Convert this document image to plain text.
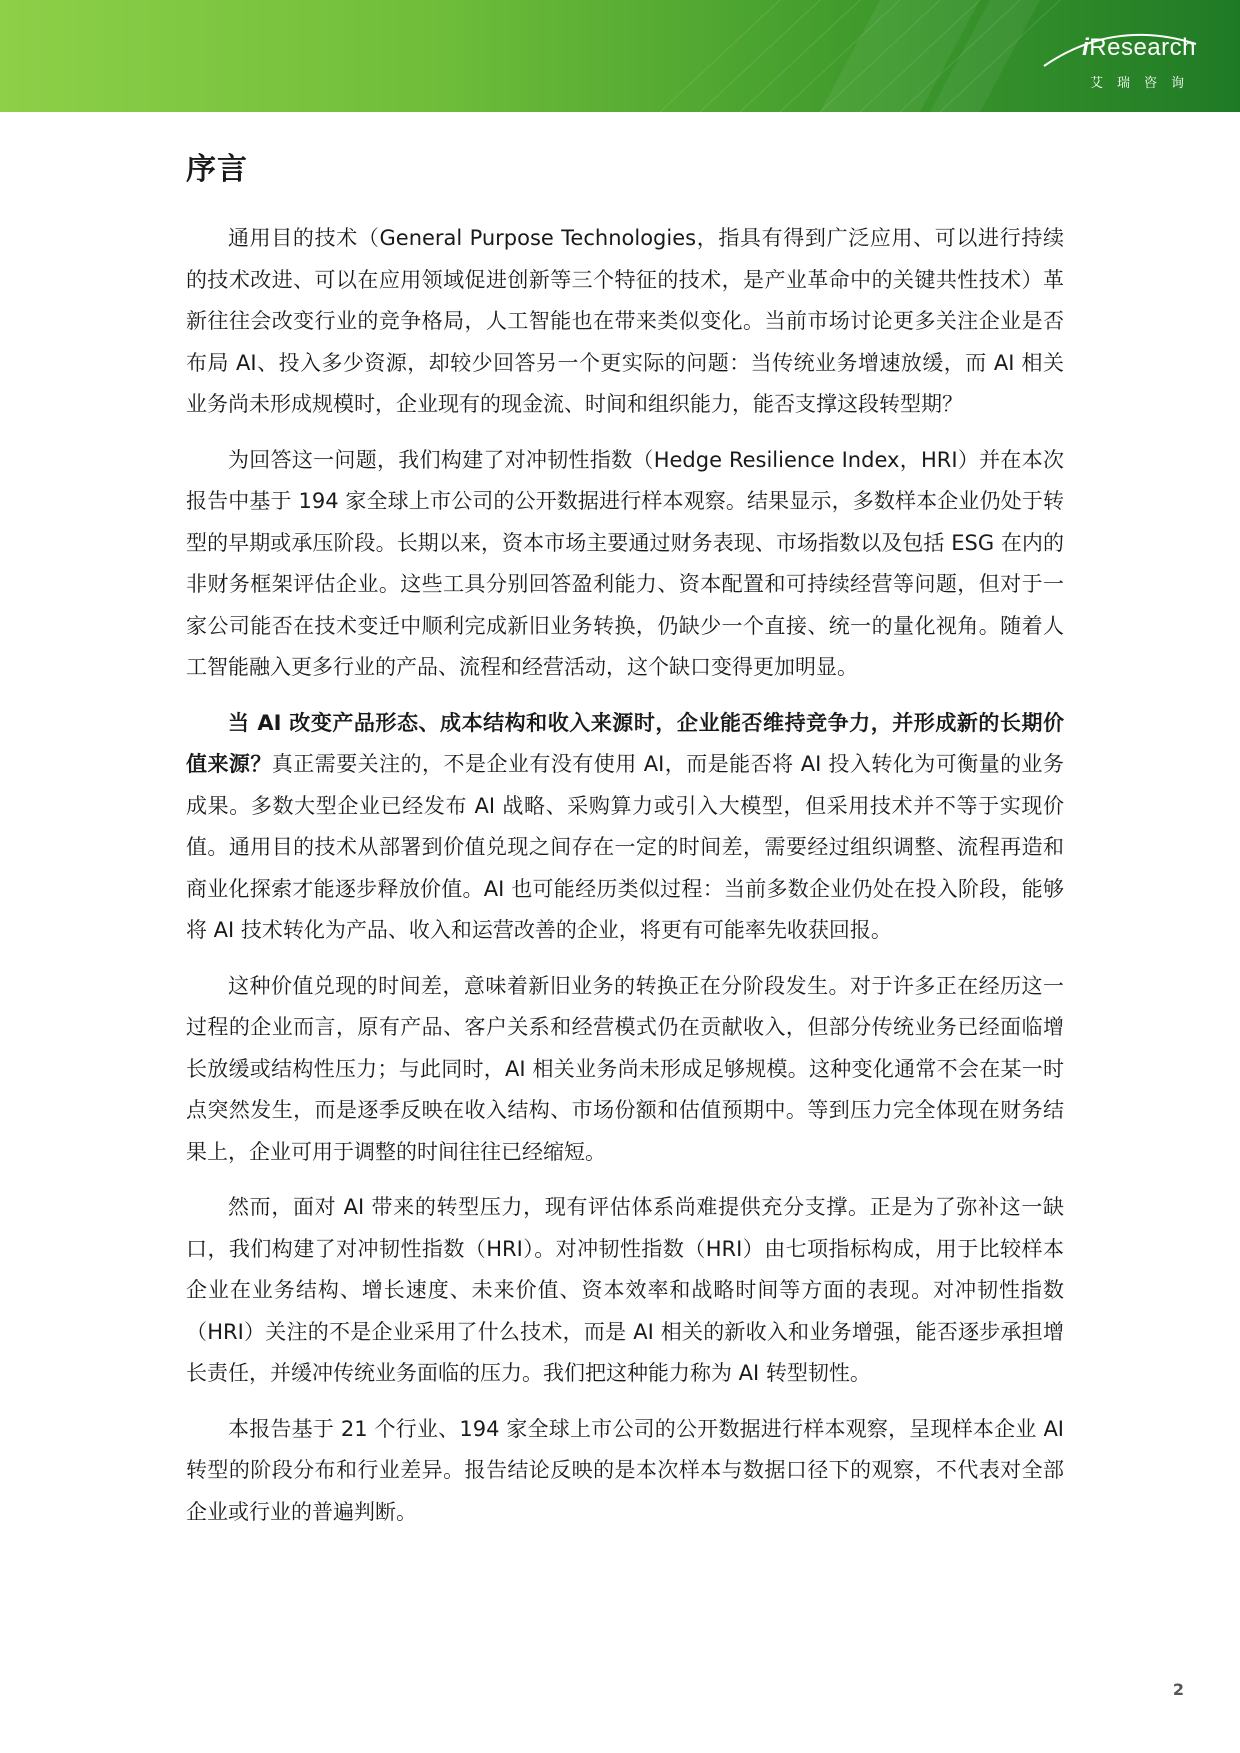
iResearch
艾瑞咨询
序言

通用目的技术（General Purpose Technologies，指具有得到广泛应用、可以进行持续的技术改进、可以在应用领域促进创新等三个特征的技术，是产业革命中的关键共性技术）革新往往会改变行业的竞争格局，人工智能也在带来类似变化。当前市场讨论更多关注企业是否布局 AI、投入多少资源，却较少回答另一个更实际的问题：当传统业务增速放缓，而 AI 相关业务尚未形成规模时，企业现有的现金流、时间和组织能力，能否支撑这段转型期？

为回答这一问题，我们构建了对冲韧性指数（Hedge Resilience Index，HRI）并在本次报告中基于 194 家全球上市公司的公开数据进行样本观察。结果显示，多数样本企业仍处于转型的早期或承压阶段。长期以来，资本市场主要通过财务表现、市场指数以及包括 ESG 在内的非财务框架评估企业。这些工具分别回答盈利能力、资本配置和可持续经营等问题，但对于一家公司能否在技术变迁中顺利完成新旧业务转换，仍缺少一个直接、统一的量化视角。随着人工智能融入更多行业的产品、流程和经营活动，这个缺口变得更加明显。

当 AI 改变产品形态、成本结构和收入来源时，企业能否维持竞争力，并形成新的长期价值来源？真正需要关注的，不是企业有没有使用 AI，而是能否将 AI 投入转化为可衡量的业务成果。多数大型企业已经发布 AI 战略、采购算力或引入大模型，但采用技术并不等于实现价值。通用目的技术从部署到价值兑现之间存在一定的时间差，需要经过组织调整、流程再造和商业化探索才能逐步释放价值。AI 也可能经历类似过程：当前多数企业仍处在投入阶段，能够将 AI 技术转化为产品、收入和运营改善的企业，将更有可能率先收获回报。

这种价值兑现的时间差，意味着新旧业务的转换正在分阶段发生。对于许多正在经历这一过程的企业而言，原有产品、客户关系和经营模式仍在贡献收入，但部分传统业务已经面临增长放缓或结构性压力；与此同时，AI 相关业务尚未形成足够规模。这种变化通常不会在某一时点突然发生，而是逐季反映在收入结构、市场份额和估值预期中。等到压力完全体现在财务结果上，企业可用于调整的时间往往已经缩短。

然而，面对 AI 带来的转型压力，现有评估体系尚难提供充分支撑。正是为了弥补这一缺口，我们构建了对冲韧性指数（HRI）。对冲韧性指数（HRI）由七项指标构成，用于比较样本企业在业务结构、增长速度、未来价值、资本效率和战略时间等方面的表现。对冲韧性指数（HRI）关注的不是企业采用了什么技术，而是 AI 相关的新收入和业务增强，能否逐步承担增长责任，并缓冲传统业务面临的压力。我们把这种能力称为 AI 转型韧性。

本报告基于 21 个行业、194 家全球上市公司的公开数据进行样本观察，呈现样本企业 AI 转型的阶段分布和行业差异。报告结论反映的是本次样本与数据口径下的观察，不代表对全部企业或行业的普遍判断。

2
